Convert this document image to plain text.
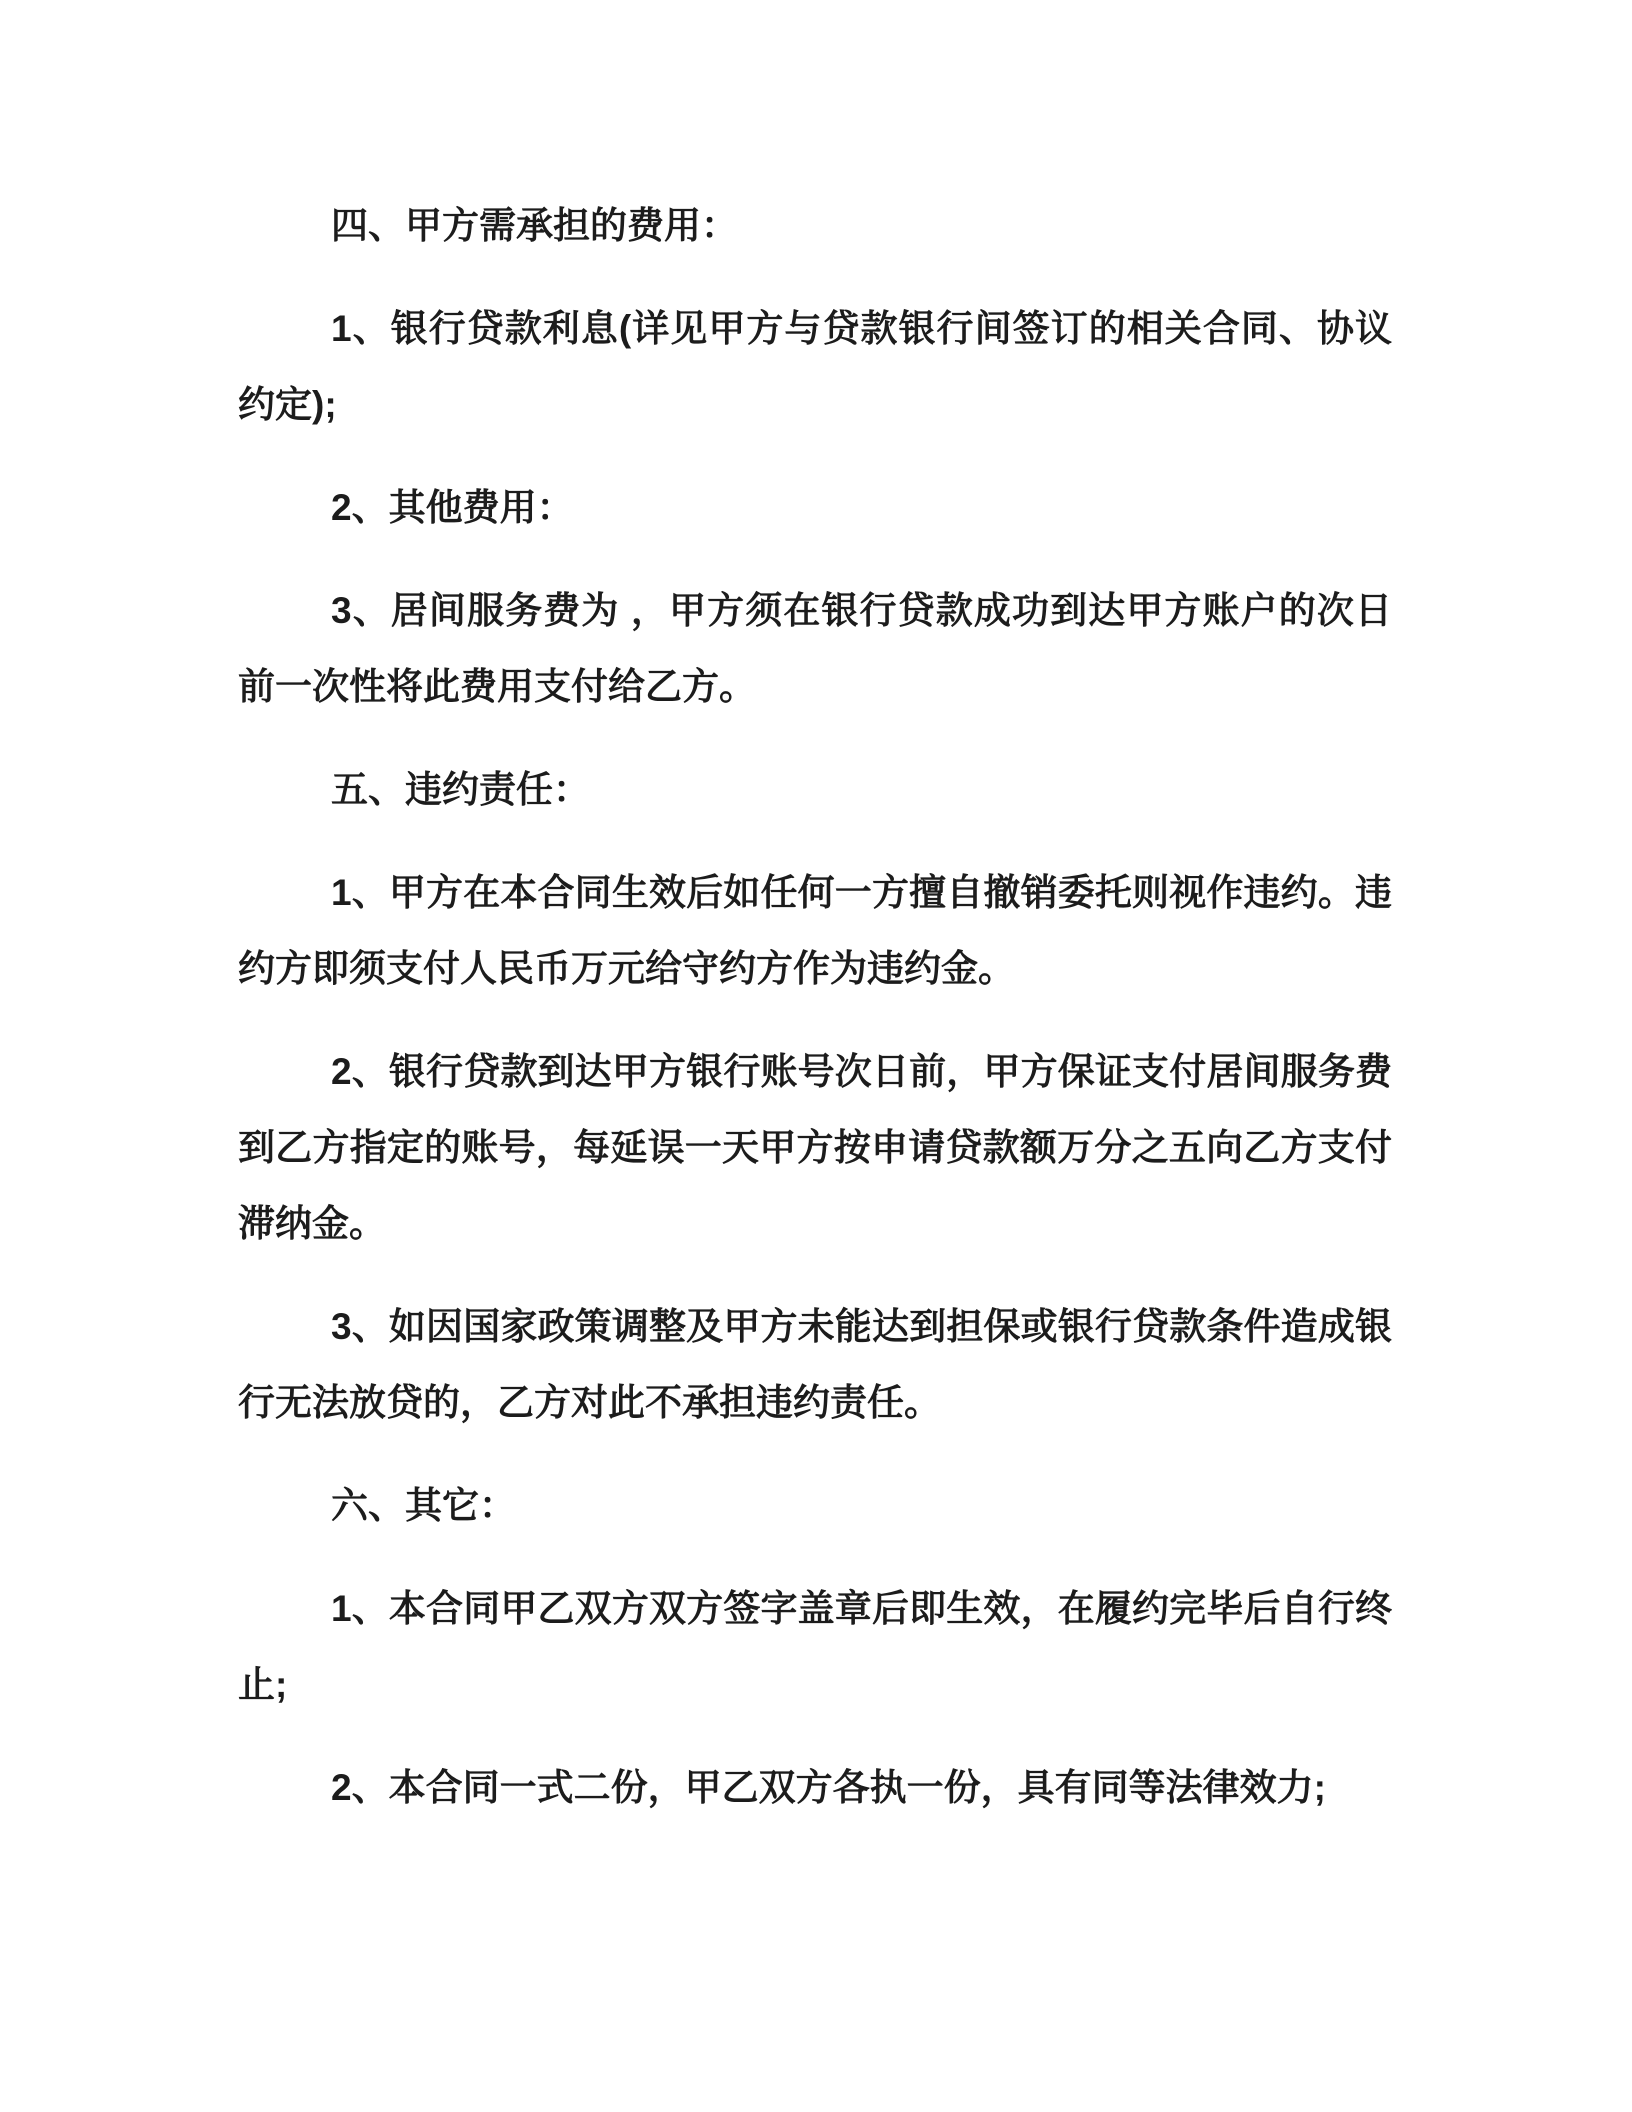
四、甲方需承担的费用：

1、银行贷款利息(详见甲方与贷款银行间签订的相关合同、协议约定);

2、其他费用：

3、居间服务费为 ，甲方须在银行贷款成功到达甲方账户的次日前一次性将此费用支付给乙方。

五、违约责任：

1、甲方在本合同生效后如任何一方擅自撤销委托则视作违约。违约方即须支付人民币万元给守约方作为违约金。

2、银行贷款到达甲方银行账号次日前，甲方保证支付居间服务费到乙方指定的账号，每延误一天甲方按申请贷款额万分之五向乙方支付滞纳金。

3、如因国家政策调整及甲方未能达到担保或银行贷款条件造成银行无法放贷的，乙方对此不承担违约责任。

六、其它：

1、本合同甲乙双方双方签字盖章后即生效，在履约完毕后自行终止;

2、本合同一式二份，甲乙双方各执一份，具有同等法律效力;
